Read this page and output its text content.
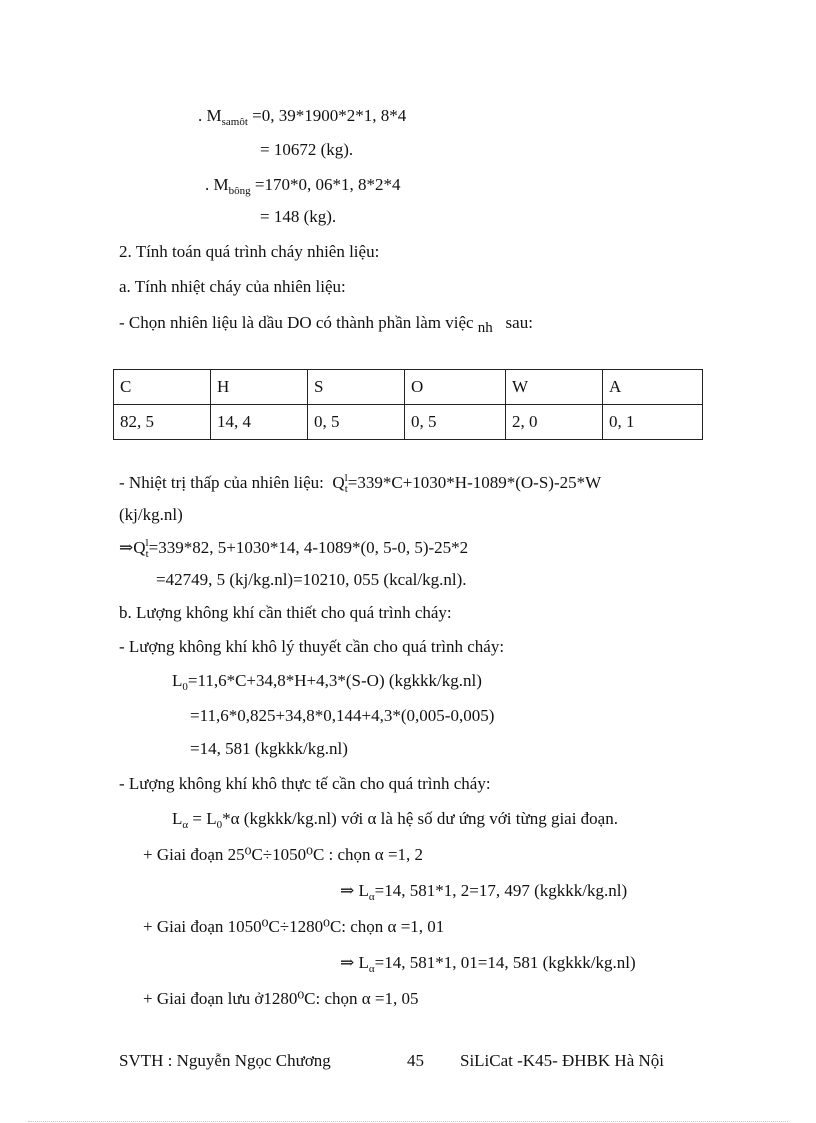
. $M_{samôt} =0$, 39*1900*2*1, 8*4
= 10672 (kg).
. $M_{bông} =170*0$, 06*1, 8*2*4
= 148 (kg).
2. Tính toán quá trình cháy nhiên liệu:
a. Tính nhiệt cháy của nhiên liệu:
- Chọn nhiên liệu là dầu DO có thành phần làm việc nh sau:
C	H	S	O	W	A
82, 5	14, 4	0, 5	0, 5	2, 0	0, 1
- Nhiệt trị thấp của nhiên liệu: $Q^l_t=339*C+1030*H-1089*(O-S)-25*W$
(kj/kg.nl)
$\Rightarrow Q^l_t=339*82$, 5+1030*14, 4-1089*(0, 5-0, 5)-25*2
=42749, 5 (kj/kg.nl)=10210, 055 (kcal/kg.nl).
b. Lượng không khí cần thiết cho quá trình cháy:
- Lượng không khí khô lý thuyết cần cho quá trình cháy:
$L_0=11,6*C+34,8*H+4,3*(S-O)$ (kgkkk/kg.nl)
=11,6*0,825+34,8*0,144+4,3*(0,005-0,005)
=14, 581 (kgkkk/kg.nl)
- Lượng không khí khô thực tế cần cho quá trình cháy:
$L_\alpha = L_0*\alpha$ (kgkkk/kg.nl) với α là hệ số dư ứng với từng giai đoạn.
+ Giai đoạn 25⁰C÷1050⁰C : chọn α =1, 2
⇒ $L_\alpha=14$, 581*1, 2=17, 497 (kgkkk/kg.nl)
+ Giai đoạn 1050⁰C÷1280⁰C: chọn α =1, 01
⇒ $L_\alpha=14$, 581*1, 01=14, 581 (kgkkk/kg.nl)
+ Giai đoạn lưu ở1280⁰C: chọn α =1, 05
SVTH : Nguyễn Ngọc Chương	45 SiLiCat -K45- ĐHBK Hà Nội
